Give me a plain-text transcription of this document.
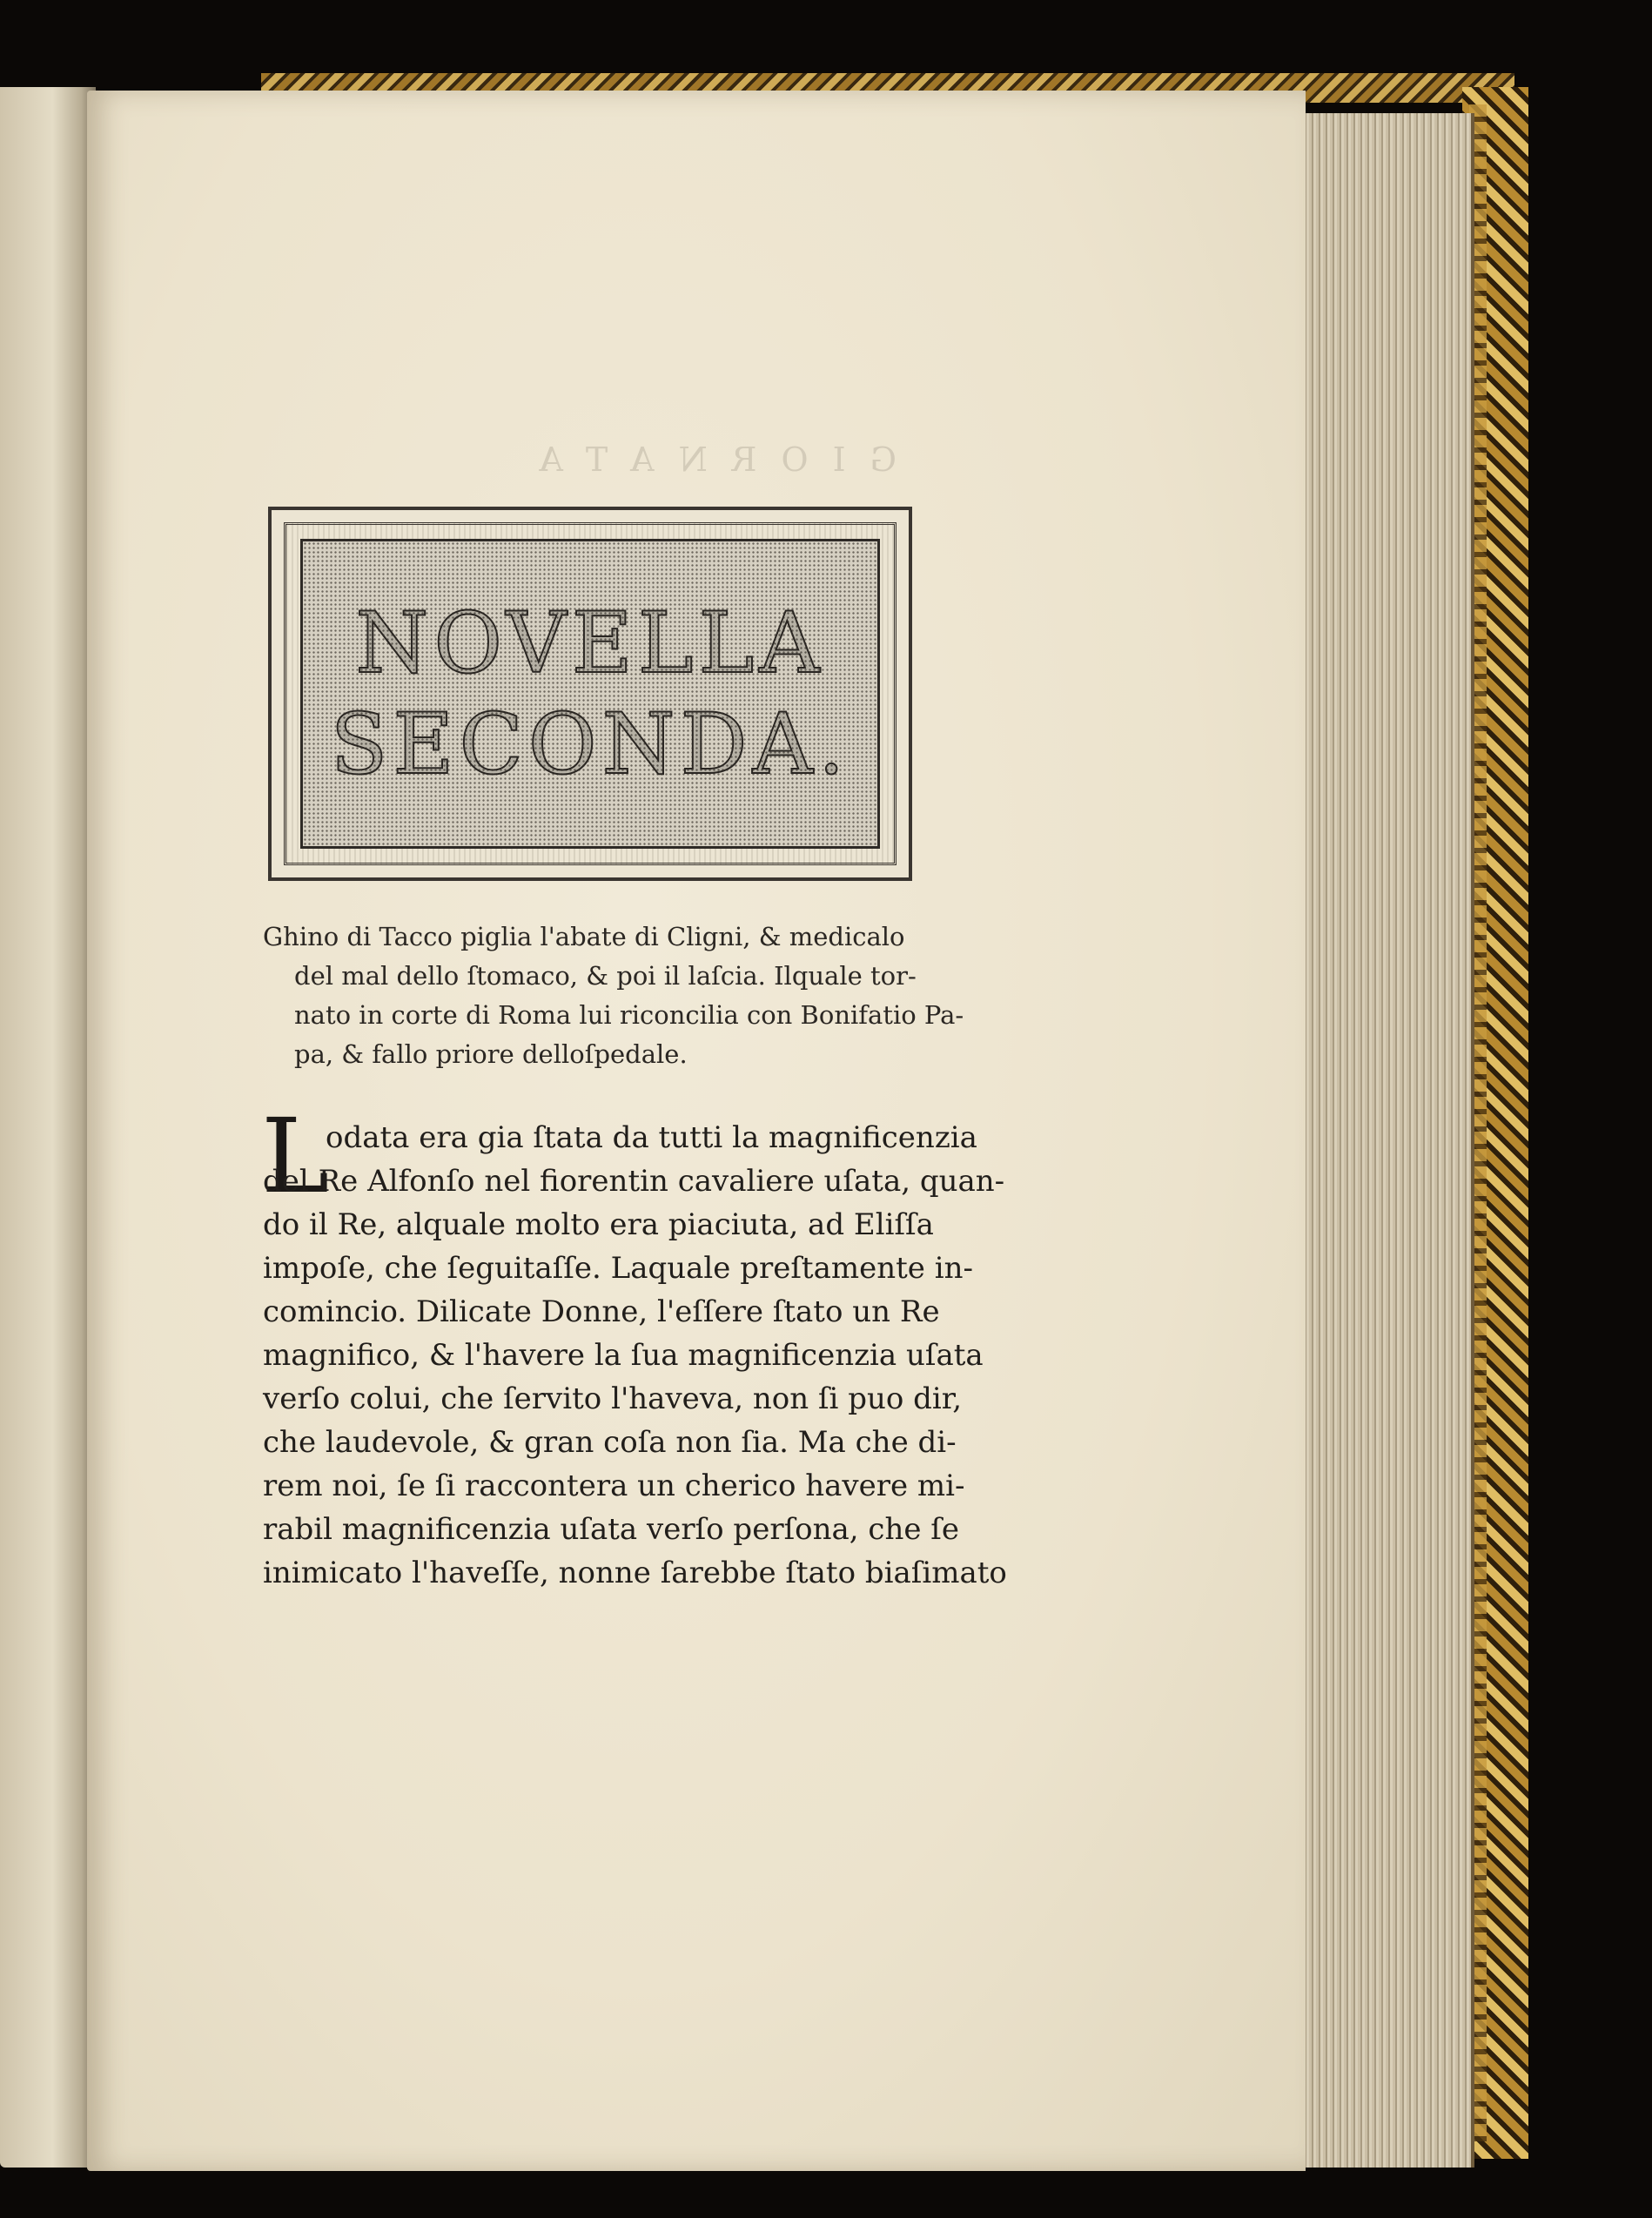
GIORNATA
NOVELLA
SECONDA.
Ghino di Tacco piglia l'abate di Cligni, & medicalo
del mal dello ſtomaco, & poi il laſcia. Ilquale tor-
nato in corte di Roma lui riconcilia con Bonifatio Pa-
pa, & fallo priore delloſpedale.
L
odata era gia ſtata da tutti la magnificenzia
del Re Alfonſo nel fiorentin cavaliere uſata, quan-
do il Re, alquale molto era piaciuta, ad Eliſſa
impoſe, che ſeguitaſſe. Laquale preſtamente in-
comincio. Dilicate Donne, l'eſſere ſtato un Re
magnifico, & l'havere la ſua magnificenzia uſata
verſo colui, che ſervito l'haveva, non ſi puo dir,
che laudevole, & gran coſa non ſia. Ma che di-
rem noi, ſe ſi raccontera un cherico havere mi-
rabil magnificenzia uſata verſo perſona, che ſe
inimicato l'haveſſe, nonne ſarebbe ſtato biaſimato
